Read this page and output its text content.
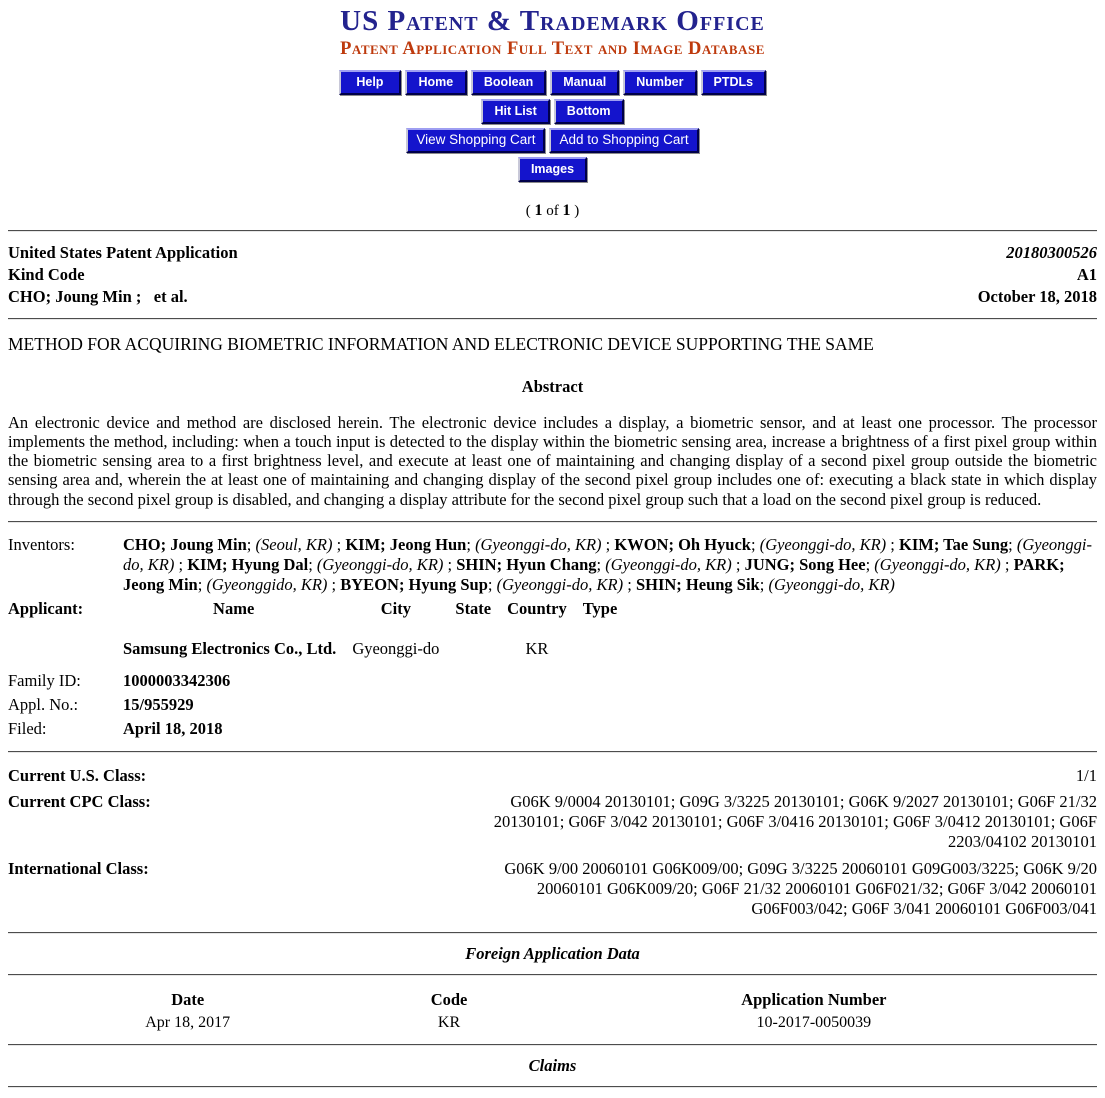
US Patent & Trademark Office
Patent Application Full Text and Image Database
Help	Home Boolean Manual Number PTDLs
Hit List Bottom
View Shopping Cart Add to Shopping Cart
Images
( 1 of 1 )
United States Patent Application	20180300526
Kind Code	A1
CHO; Joung Min ;   et al.	October 18, 2018
METHOD FOR ACQUIRING BIOMETRIC INFORMATION AND ELECTRONIC DEVICE SUPPORTING THE SAME
Abstract
An electronic device and method are disclosed herein. The electronic device includes a display, a biometric sensor, and at least one processor. The processor implements the method, including: when a touch input is detected to the display within the biometric sensing area, increase a brightness of a first pixel group within the biometric sensing area to a first brightness level, and execute at least one of maintaining and changing display of a second pixel group outside the biometric sensing area and, wherein the at least one of maintaining and changing display of the second pixel group includes one of: executing a black state in which display through the second pixel group is disabled, and changing a display attribute for the second pixel group such that a load on the second pixel group is reduced.
Inventors:	CHO; Joung Min; (Seoul, KR) ; KIM; Jeong Hun; (Gyeonggi-do, KR) ; KWON; Oh Hyuck; (Gyeonggi-do, KR) ; KIM; Tae Sung; (Gyeonggi-do, KR) ; KIM; Hyung Dal; (Gyeonggi-do, KR) ; SHIN; Hyun Chang; (Gyeonggi-do, KR) ; JUNG; Song Hee; (Gyeonggi-do, KR) ; PARK; Jeong Min; (Gyeonggido, KR) ; BYEON; Hyung Sup; (Gyeonggi-do, KR) ; SHIN; Heung Sik; (Gyeonggi-do, KR)
Applicant:		Name	City	State	Country	Type
Samsung Electronics Co., Ltd.	Gyeonggi-do		KR	

Family ID:	1000003342306
Appl. No.:	15/955929
Filed:	April 18, 2018
Current U.S. Class:	1/1
Current CPC Class:	G06K 9/0004 20130101; G09G 3/3225 20130101; G06K 9/2027 20130101; G06F 21/32 20130101; G06F 3/042 20130101; G06F 3/0416 20130101; G06F 3/0412 20130101; G06F 2203/04102 20130101
International Class:	G06K 9/00 20060101 G06K009/00; G09G 3/3225 20060101 G09G003/3225; G06K 9/20 20060101 G06K009/20; G06F 21/32 20060101 G06F021/32; G06F 3/042 20060101 G06F003/042; G06F 3/041 20060101 G06F003/041
Foreign Application Data
Date	Code	Application Number
Apr 18, 2017	KR	10-2017-0050039
Claims
